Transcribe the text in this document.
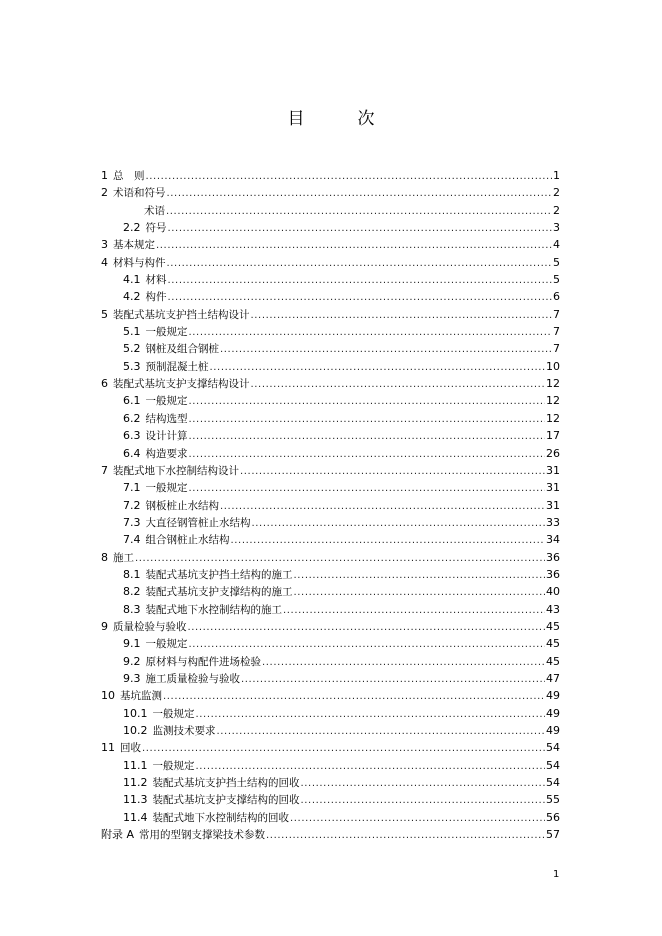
目　次
1 总　则 .....	1
2 术语和符号 .....	2
　　术语 .....	2
2.2 符号 .....	3
3 基本规定 .....	4
4 材料与构件 .....	5
4.1 材料 .....	5
4.2 构件 .....	6
5 装配式基坑支护挡土结构设计 .....	7
5.1 一般规定 .....	7
5.2 钢桩及组合钢桩 .....	7
5.3 预制混凝土桩 .....	10
6 装配式基坑支护支撑结构设计 .....	12
6.1 一般规定 .....	12
6.2 结构选型 .....	12
6.3 设计计算 .....	17
6.4 构造要求 .....	26
7 装配式地下水控制结构设计 .....	31
7.1 一般规定 .....	31
7.2 钢板桩止水结构 .....	31
7.3 大直径钢管桩止水结构 .....	33
7.4 组合钢桩止水结构 .....	34
8 施工 .....	36
8.1 装配式基坑支护挡土结构的施工 .....	36
8.2 装配式基坑支护支撑结构的施工 .....	40
8.3 装配式地下水控制结构的施工 .....	43
9 质量检验与验收 .....	45
9.1 一般规定 .....	45
9.2 原材料与构配件进场检验 .....	45
9.3 施工质量检验与验收 .....	47
10 基坑监测 .....	49
10.1 一般规定 .....	49
10.2 监测技术要求 .....	49
11 回收 .....	54
11.1 一般规定 .....	54
11.2 装配式基坑支护挡土结构的回收 .....	54
11.3 装配式基坑支护支撑结构的回收 .....	55
11.4 装配式地下水控制结构的回收 .....	56
附录 A 常用的型钢支撑梁技术参数 .....	57
1
